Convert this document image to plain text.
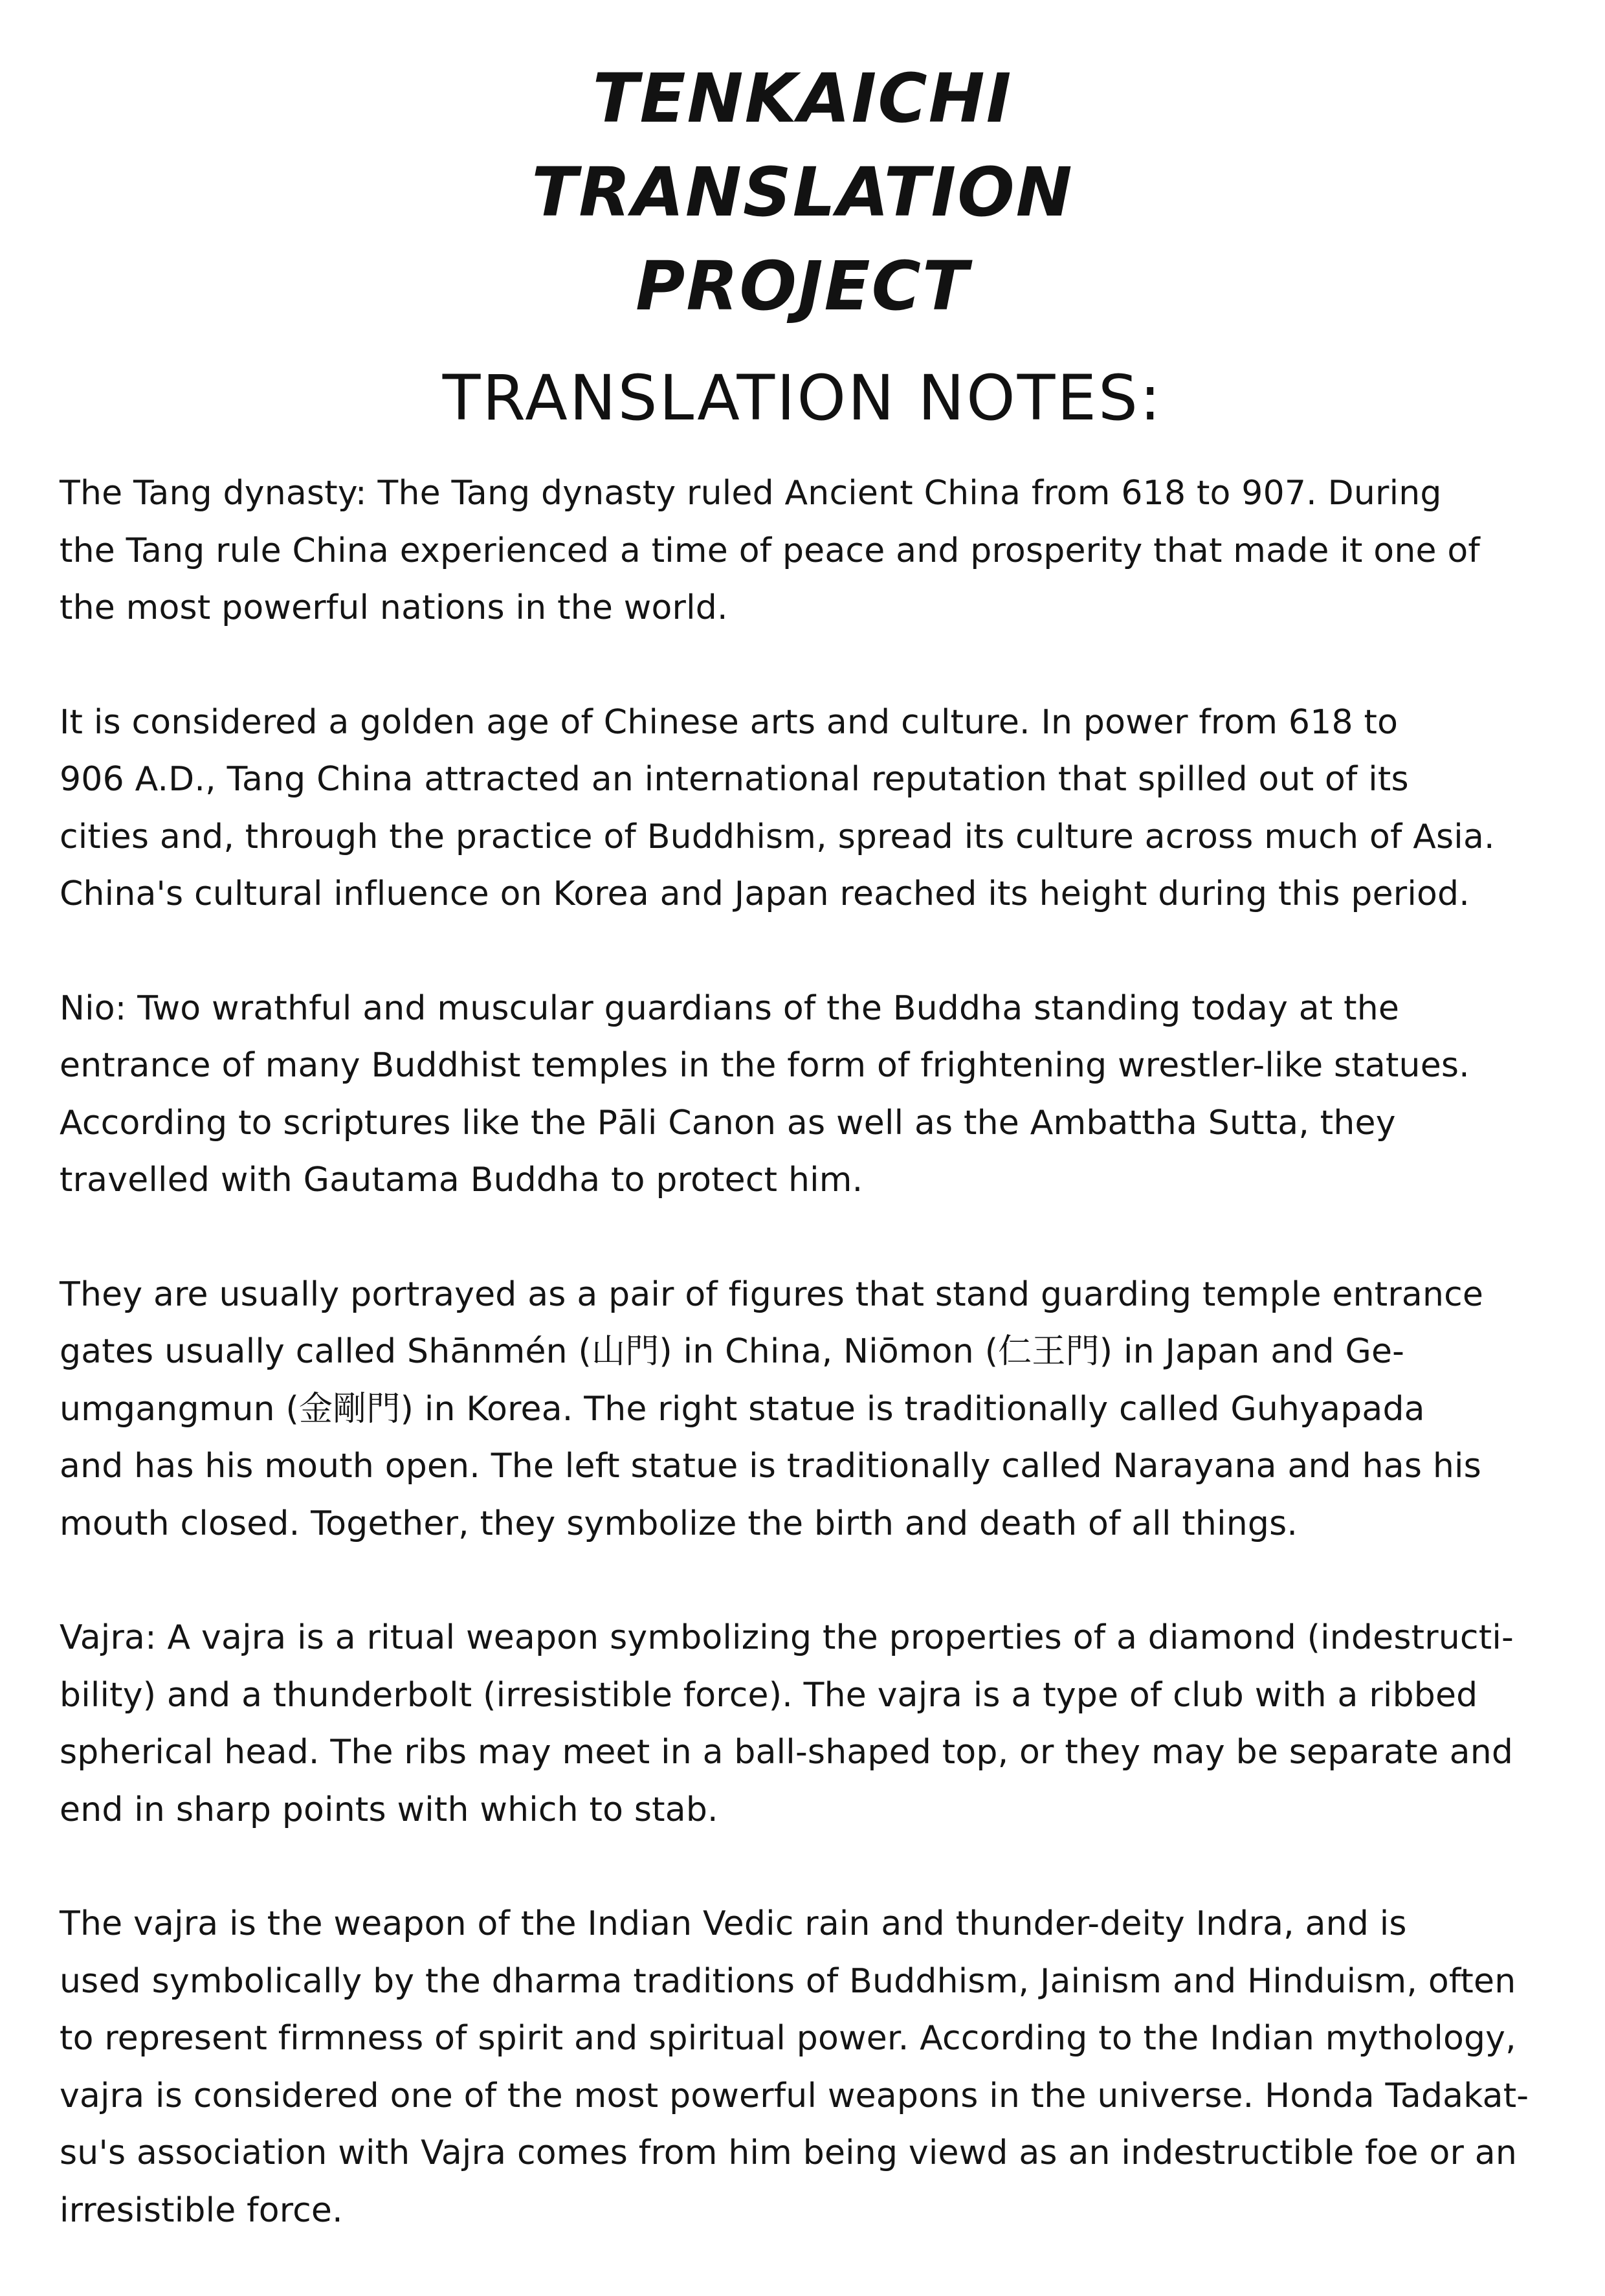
TENKAICHI
TRANSLATION
PROJECT
TRANSLATION NOTES:

The Tang dynasty: The Tang dynasty ruled Ancient China from 618 to 907. During
the Tang rule China experienced a time of peace and prosperity that made it one of
the most powerful nations in the world.

It is considered a golden age of Chinese arts and culture. In power from 618 to
906 A.D., Tang China attracted an international reputation that spilled out of its
cities and, through the practice of Buddhism, spread its culture across much of Asia.
China's cultural influence on Korea and Japan reached its height during this period.

Nio: Two wrathful and muscular guardians of the Buddha standing today at the
entrance of many Buddhist temples in the form of frightening wrestler-like statues.
According to scriptures like the Pāli Canon as well as the Ambattha Sutta, they
travelled with Gautama Buddha to protect him.

They are usually portrayed as a pair of figures that stand guarding temple entrance
gates usually called Shānmén (山門) in China, Niōmon (仁王門) in Japan and Ge-
umgangmun (金剛門) in Korea. The right statue is traditionally called Guhyapada
and has his mouth open. The left statue is traditionally called Narayana and has his
mouth closed. Together, they symbolize the birth and death of all things.

Vajra: A vajra is a ritual weapon symbolizing the properties of a diamond (indestructi-
bility) and a thunderbolt (irresistible force). The vajra is a type of club with a ribbed
spherical head. The ribs may meet in a ball-shaped top, or they may be separate and
end in sharp points with which to stab.

The vajra is the weapon of the Indian Vedic rain and thunder-deity Indra, and is
used symbolically by the dharma traditions of Buddhism, Jainism and Hinduism, often
to represent firmness of spirit and spiritual power. According to the Indian mythology,
vajra is considered one of the most powerful weapons in the universe. Honda Tadakat-
su's association with Vajra comes from him being viewd as an indestructible foe or an
irresistible force.
